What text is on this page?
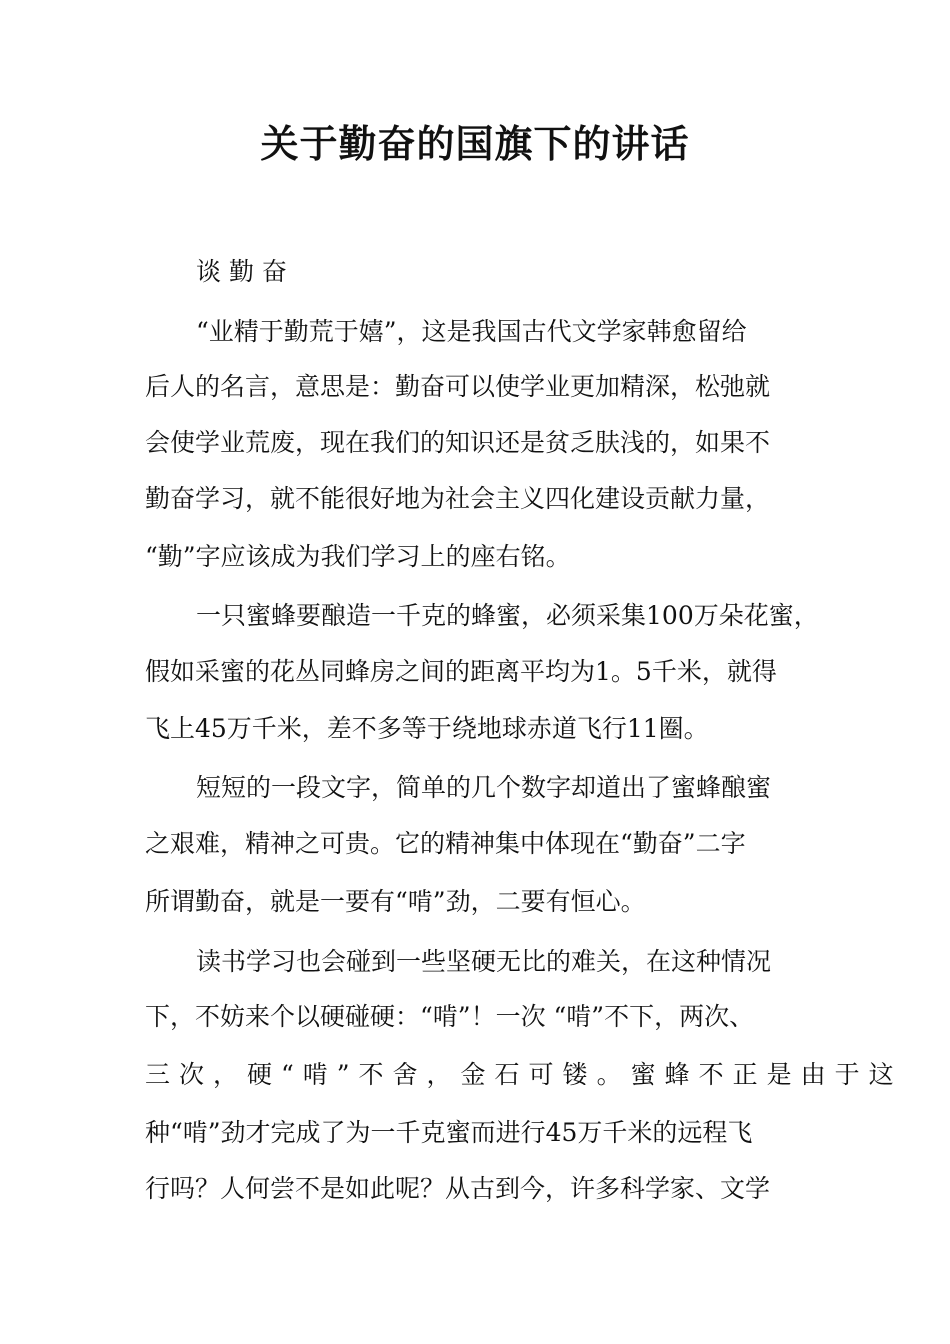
关于勤奋的国旗下的讲话

谈 勤 奋

“业精于勤荒于嬉”，这是我国古代文学家韩愈留给

后人的名言，意思是：勤奋可以使学业更加精深，松弛就

会使学业荒废，现在我们的知识还是贫乏肤浅的，如果不

勤奋学习，就不能很好地为社会主义四化建设贡献力量，

“勤”字应该成为我们学习上的座右铭。

一只蜜蜂要酿造一千克的蜂蜜，必须采集100万朵花蜜，

假如采蜜的花丛同蜂房之间的距离平均为1。5千米，就得

飞上45万千米，差不多等于绕地球赤道飞行11圈。

短短的一段文字，简单的几个数字却道出了蜜蜂酿蜜

之艰难，精神之可贵。它的精神集中体现在“勤奋”二字

所谓勤奋，就是一要有“啃”劲，二要有恒心。

读书学习也会碰到一些坚硬无比的难关，在这种情况

下，不妨来个以硬碰硬：“啃”！一次 “啃”不下，两次、

三次，硬“啃”不舍，金石可镂。蜜蜂不正是由于这

种“啃”劲才完成了为一千克蜜而进行45万千米的远程飞

行吗？人何尝不是如此呢？从古到今，许多科学家、文学
